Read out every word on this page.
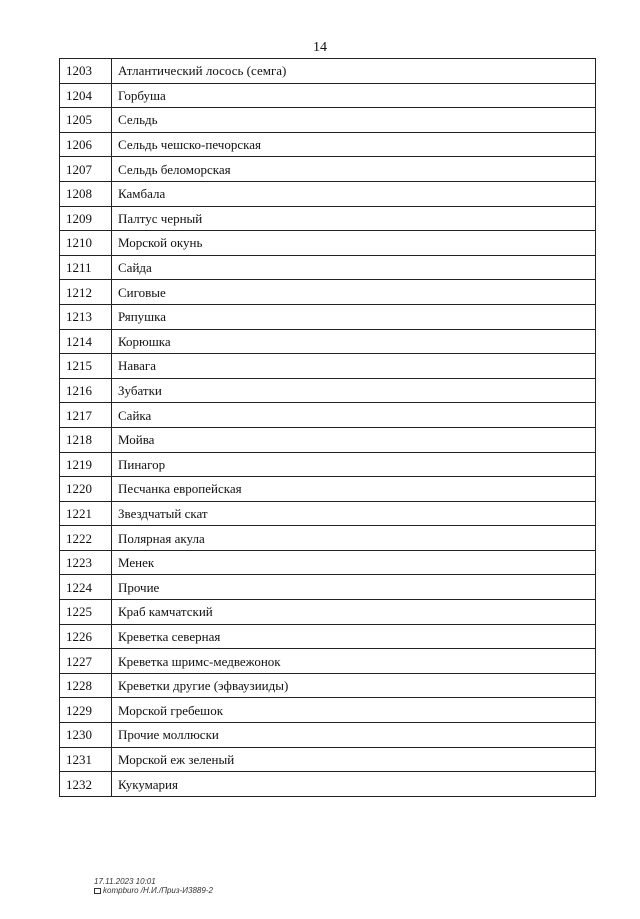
14
1203	Атлантический лосось (семга)
1204	Горбуша
1205	Сельдь
1206	Сельдь чешско-печорская
1207	Сельдь беломорская
1208	Камбала
1209	Палтус черный
1210	Морской окунь
1211	Сайда
1212	Сиговые
1213	Ряпушка
1214	Корюшка
1215	Навага
1216	Зубатки
1217	Сайка
1218	Мойва
1219	Пинагор
1220	Песчанка европейская
1221	Звездчатый скат
1222	Полярная акула
1223	Менек
1224	Прочие
1225	Краб камчатский
1226	Креветка северная
1227	Креветка шримс-медвежонок
1228	Креветки другие (эфваузииды)
1229	Морской гребешок
1230	Прочие моллюски
1231	Морской еж зеленый
1232	Кукумария
17.11.2023 10:01
kompburo /Н.И./Приз-И3889-2
